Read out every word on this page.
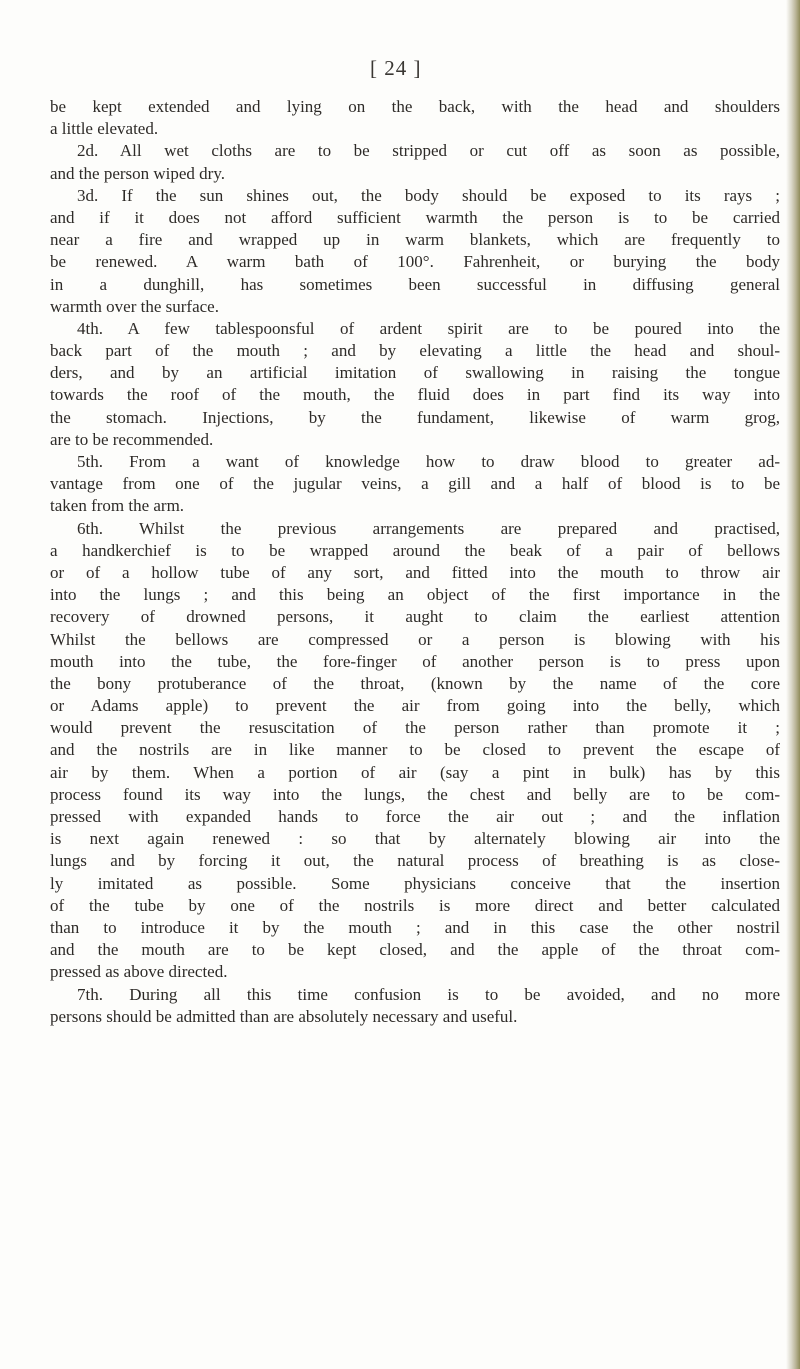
[ 24 ]
be kept extended and lying on the back, with the head and shoulders
a little elevated.
2d. All wet cloths are to be stripped or cut off as soon as possible,
and the person wiped dry.
3d. If the sun shines out, the body should be exposed to its rays ;
and if it does not afford sufficient warmth the person is to be carried
near a fire and wrapped up in warm blankets, which are frequently to
be renewed. A warm bath of 100°. Fahrenheit, or burying the body
in a dunghill, has sometimes been successful in diffusing general
warmth over the surface.
4th. A few tablespoonsful of ardent spirit are to be poured into the
back part of the mouth ; and by elevating a little the head and shoul-
ders, and by an artificial imitation of swallowing in raising the tongue
towards the roof of the mouth, the fluid does in part find its way into
the stomach. Injections, by the fundament, likewise of warm grog,
are to be recommended.
5th. From a want of knowledge how to draw blood to greater ad-
vantage from one of the jugular veins, a gill and a half of blood is to be
taken from the arm.
6th. Whilst the previous arrangements are prepared and practised,
a handkerchief is to be wrapped around the beak of a pair of bellows
or of a hollow tube of any sort, and fitted into the mouth to throw air
into the lungs ; and this being an object of the first importance in the
recovery of drowned persons, it aught to claim the earliest attention
Whilst the bellows are compressed or a person is blowing with his
mouth into the tube, the fore-finger of another person is to press upon
the bony protuberance of the throat, (known by the name of the core
or Adams apple) to prevent the air from going into the belly, which
would prevent the resuscitation of the person rather than promote it ;
and the nostrils are in like manner to be closed to prevent the escape of
air by them. When a portion of air (say a pint in bulk) has by this
process found its way into the lungs, the chest and belly are to be com-
pressed with expanded hands to force the air out ; and the inflation
is next again renewed : so that by alternately blowing air into the
lungs and by forcing it out, the natural process of breathing is as close-
ly imitated as possible. Some physicians conceive that the insertion
of the tube by one of the nostrils is more direct and better calculated
than to introduce it by the mouth ; and in this case the other nostril
and the mouth are to be kept closed, and the apple of the throat com-
pressed as above directed.
7th. During all this time confusion is to be avoided, and no more
persons should be admitted than are absolutely necessary and useful.
